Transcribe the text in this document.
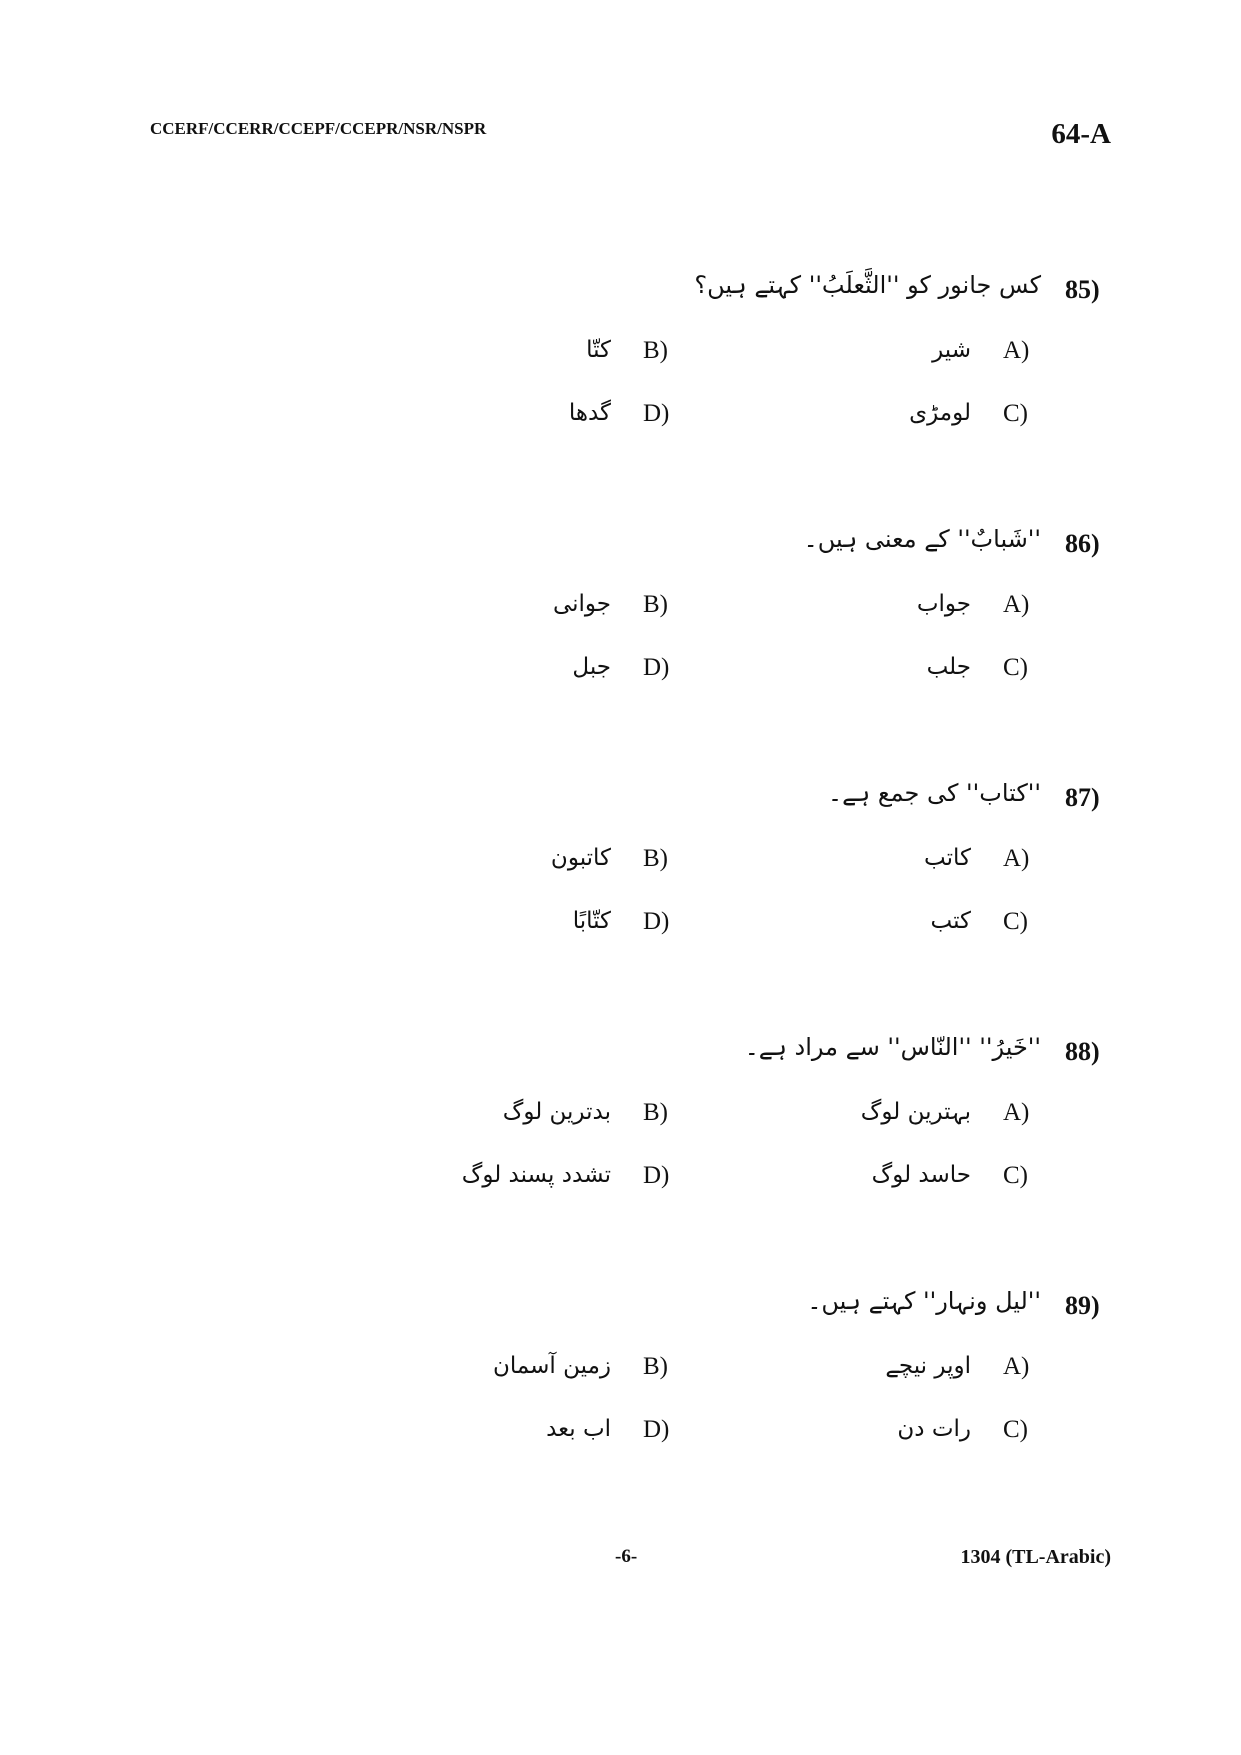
CCERF/CCERR/CCEPF/CCEPR/NSR/NSPR	64-A
85)
کس جانور کو ''الثَّعلَبُ'' کہتے ہیں؟
A)
شیر
B)
کتّا
C)
لومڑی
D)
گدھا
86)
''شَبابٌ'' کے معنی ہیں۔
A)
جواب
B)
جوانی
C)
جلب
D)
جبل
87)
''کتاب'' کی جمع ہے۔
A)
کاتب
B)
کاتبون
C)
کتب
D)
کتّابًا
88)
''خَیرُ'' ''النّاس'' سے مراد ہے۔
A)
بہترین لوگ
B)
بدترین لوگ
C)
حاسد لوگ
D)
تشدد پسند لوگ
89)
''لیل ونہار'' کہتے ہیں۔
A)
اوپر نیچے
B)
زمین آسمان
C)
رات دن
D)
اب بعد
-6-	1304 (TL-Arabic)
